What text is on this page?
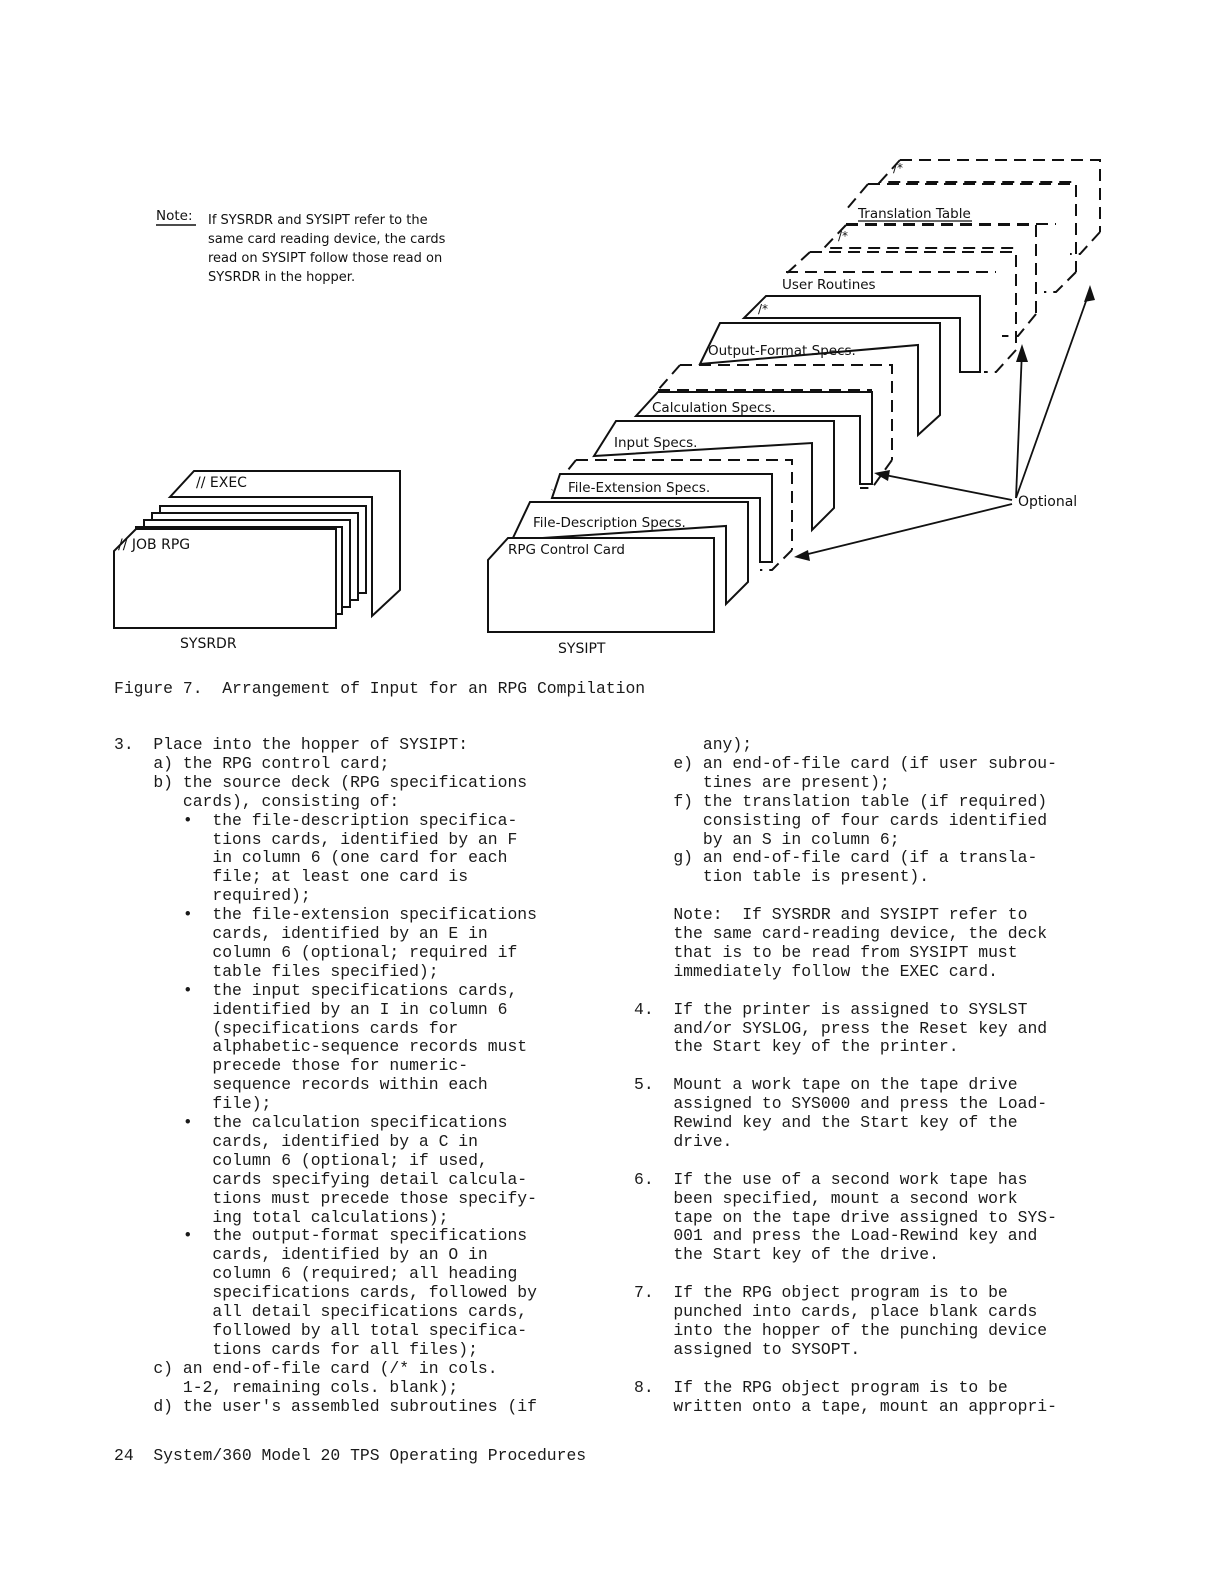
Note: If SYSRDR and SYSIPT refer to the
same card reading device, the cards
read on SYSIPT follow those read on
SYSRDR in the hopper.
// EXEC
// JOB RPG
SYSRDR
/*
Translation Table
/*
User Routines
/*
Output-Format Specs.
Calculation Specs.
Input Specs.
File-Extension Specs.
File-Description Specs.
RPG Control Card
SYSIPT
Optional
Figure 7.  Arrangement of Input for an RPG Compilation
3.  Place into the hopper of SYSIPT:
a) the RPG control card;
b) the source deck (RPG specifications
cards), consisting of:
•  the file-description specifica-
tions cards, identified by an F
in column 6 (one card for each
file; at least one card is
required);
•  the file-extension specifications
cards, identified by an E in
column 6 (optional; required if
table files specified);
•  the input specifications cards,
identified by an I in column 6
(specifications cards for
alphabetic-sequence records must
precede those for numeric-
sequence records within each
file);
•  the calculation specifications
cards, identified by a C in
column 6 (optional; if used,
cards specifying detail calcula-
tions must precede those specify-
ing total calculations);
•  the output-format specifications
cards, identified by an O in
column 6 (required; all heading
specifications cards, followed by
all detail specifications cards,
followed by all total specifica-
tions cards for all files);
c) an end-of-file card (/* in cols.
1-2, remaining cols. blank);
d) the user's assembled subroutines (if
any);
e) an end-of-file card (if user subrou-
tines are present);
f) the translation table (if required)
consisting of four cards identified
by an S in column 6;
g) an end-of-file card (if a transla-
tion table is present).
Note:  If SYSRDR and SYSIPT refer to
the same card-reading device, the deck
that is to be read from SYSIPT must
immediately follow the EXEC card.
4.  If the printer is assigned to SYSLST
and/or SYSLOG, press the Reset key and
the Start key of the printer.
5.  Mount a work tape on the tape drive
assigned to SYS000 and press the Load-
Rewind key and the Start key of the
drive.
6.  If the use of a second work tape has
been specified, mount a second work
tape on the tape drive assigned to SYS-
001 and press the Load-Rewind key and
the Start key of the drive.
7.  If the RPG object program is to be
punched into cards, place blank cards
into the hopper of the punching device
assigned to SYSOPT.
8.  If the RPG object program is to be
written onto a tape, mount an appropri-
24  System/360 Model 20 TPS Operating Procedures
